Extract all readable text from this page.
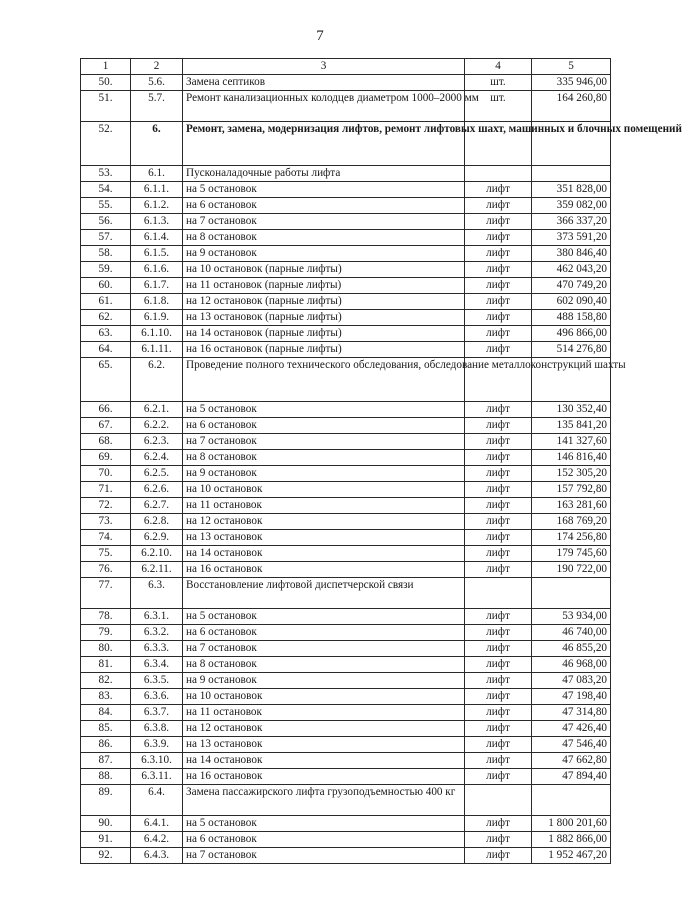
7
1	2	3	4	5
50.	5.6.	Замена септиков	шт.	335 946,00
51.	5.7.	Ремонт канализационных колодцев диаметром 1000–2000 мм	шт.	164 260,80
52.	6.	Ремонт, замена, модернизация лифтов, ремонт лифтовых шахт, машинных и блочных помещений		
53.	6.1.	Пусконаладочные работы лифта		
54.	6.1.1.	на 5 остановок	лифт	351 828,00
55.	6.1.2.	на 6 остановок	лифт	359 082,00
56.	6.1.3.	на 7 остановок	лифт	366 337,20
57.	6.1.4.	на 8 остановок	лифт	373 591,20
58.	6.1.5.	на 9 остановок	лифт	380 846,40
59.	6.1.6.	на 10 остановок (парные лифты)	лифт	462 043,20
60.	6.1.7.	на 11 остановок (парные лифты)	лифт	470 749,20
61.	6.1.8.	на 12 остановок (парные лифты)	лифт	602 090,40
62.	6.1.9.	на 13 остановок (парные лифты)	лифт	488 158,80
63.	6.1.10.	на 14 остановок (парные лифты)	лифт	496 866,00
64.	6.1.11.	на 16 остановок (парные лифты)	лифт	514 276,80
65.	6.2.	Проведение полного технического обследования, обследование металлоконструкций шахты		
66.	6.2.1.	на 5 остановок	лифт	130 352,40
67.	6.2.2.	на 6 остановок	лифт	135 841,20
68.	6.2.3.	на 7 остановок	лифт	141 327,60
69.	6.2.4.	на 8 остановок	лифт	146 816,40
70.	6.2.5.	на 9 остановок	лифт	152 305,20
71.	6.2.6.	на 10 остановок	лифт	157 792,80
72.	6.2.7.	на 11 остановок	лифт	163 281,60
73.	6.2.8.	на 12 остановок	лифт	168 769,20
74.	6.2.9.	на 13 остановок	лифт	174 256,80
75.	6.2.10.	на 14 остановок	лифт	179 745,60
76.	6.2.11.	на 16 остановок	лифт	190 722,00
77.	6.3.	Восстановление лифтовой диспетчерской связи		
78.	6.3.1.	на 5 остановок	лифт	53 934,00
79.	6.3.2.	на 6 остановок	лифт	46 740,00
80.	6.3.3.	на 7 остановок	лифт	46 855,20
81.	6.3.4.	на 8 остановок	лифт	46 968,00
82.	6.3.5.	на 9 остановок	лифт	47 083,20
83.	6.3.6.	на 10 остановок	лифт	47 198,40
84.	6.3.7.	на 11 остановок	лифт	47 314,80
85.	6.3.8.	на 12 остановок	лифт	47 426,40
86.	6.3.9.	на 13 остановок	лифт	47 546,40
87.	6.3.10.	на 14 остановок	лифт	47 662,80
88.	6.3.11.	на 16 остановок	лифт	47 894,40
89.	6.4.	Замена пассажирского лифта грузоподъемностью 400 кг		
90.	6.4.1.	на 5 остановок	лифт	1 800 201,60
91.	6.4.2.	на 6 остановок	лифт	1 882 866,00
92.	6.4.3.	на 7 остановок	лифт	1 952 467,20
